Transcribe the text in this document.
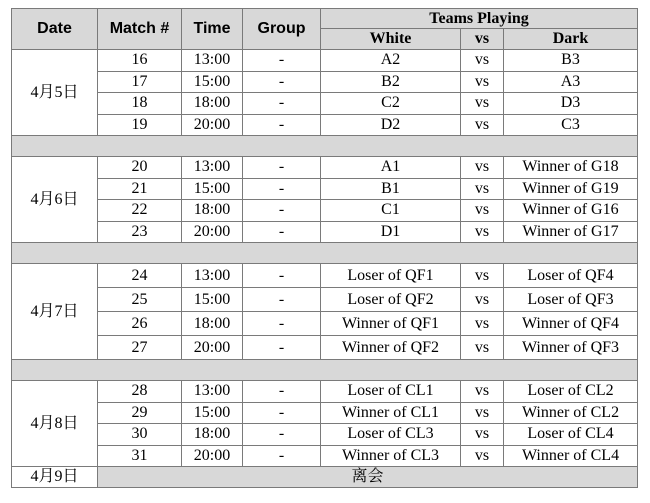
Date	Match #	Time	Group	Teams Playing		
				White	vs	Dark
4月5日	16	13:00	-	A2	vs	B3
	17	15:00	-	B2	vs	A3
	18	18:00	-	C2	vs	D3
	19	20:00	-	D2	vs	C3

4月6日	20	13:00	-	A1	vs	Winner of G18
	21	15:00	-	B1	vs	Winner of G19
	22	18:00	-	C1	vs	Winner of G16
	23	20:00	-	D1	vs	Winner of G17

4月7日	24	13:00	-	Loser of QF1	vs	Loser of QF4
	25	15:00	-	Loser of QF2	vs	Loser of QF3
	26	18:00	-	Winner of QF1	vs	Winner of QF4
	27	20:00	-	Winner of QF2	vs	Winner of QF3

4月8日	28	13:00	-	Loser of CL1	vs	Loser of CL2
	29	15:00	-	Winner of CL1	vs	Winner of CL2
	30	18:00	-	Loser of CL3	vs	Loser of CL4
	31	20:00	-	Winner of CL3	vs	Winner of CL4
4月9日	离会					
